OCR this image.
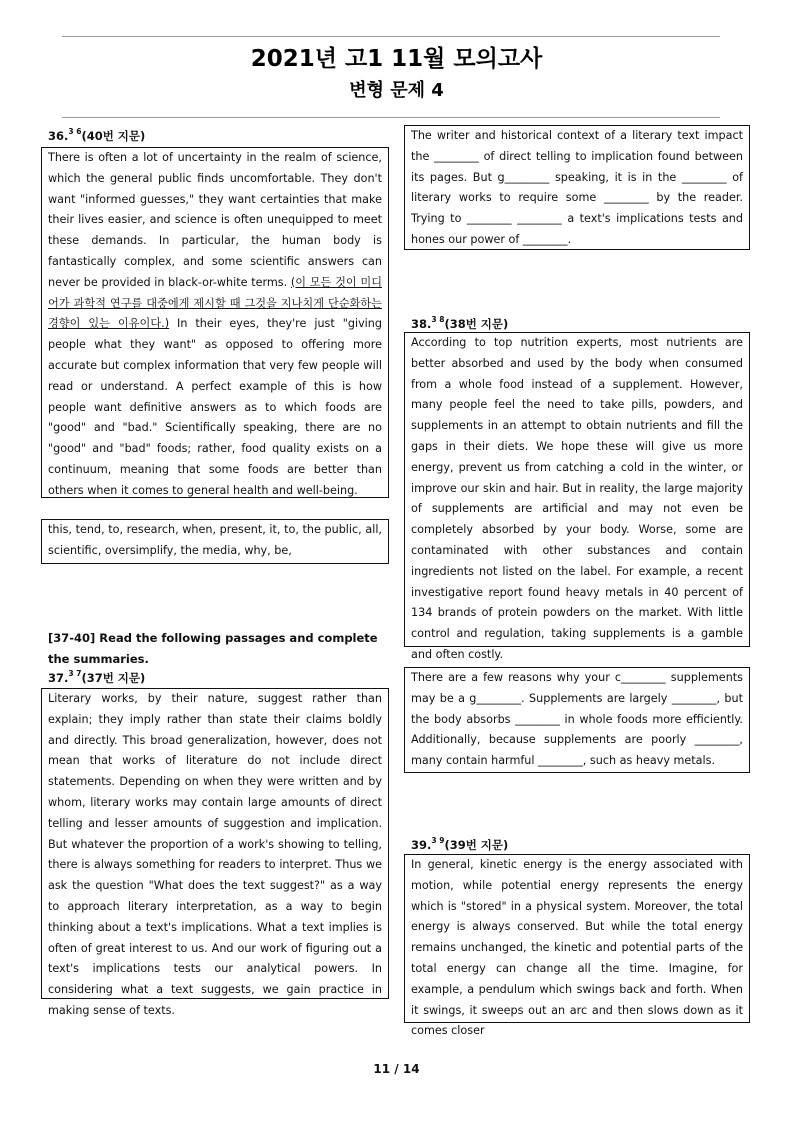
2021년 고1 11월 모의고사
변형 문제 4
36.$^{3 6}$(40번 지문)

There is often a lot of uncertainty in the realm of science, which the general public finds uncomfortable. They don't want "informed guesses," they want certainties that make their lives easier, and science is often unequipped to meet these demands. In particular, the human body is fantastically complex, and some scientific answers can never be provided in black-or-white terms. (이 모든 것이 미디어가 과학적 연구를 대중에게 제시할 때 그것을 지나치게 단순화하는 경향이 있는 이유이다.) In their eyes, they're just "giving people what they want" as opposed to offering more accurate but complex information that very few people will read or understand. A perfect example of this is how people want definitive answers as to which foods are "good" and "bad." Scientifically speaking, there are no "good" and "bad" foods; rather, food quality exists on a continuum, meaning that some foods are better than others when it comes to general health and well-being.

this, tend, to, research, when, present, it, to, the public, all, scientific, oversimplify, the media, why, be,

[37-40] Read the following passages and complete the summaries.
37.$^{3 7}$(37번 지문)

Literary works, by their nature, suggest rather than explain; they imply rather than state their claims boldly and directly. This broad generalization, however, does not mean that works of literature do not include direct statements. Depending on when they were written and by whom, literary works may contain large amounts of direct telling and lesser amounts of suggestion and implication. But whatever the proportion of a work's showing to telling, there is always something for readers to interpret. Thus we ask the question "What does the text suggest?" as a way to approach literary interpretation, as a way to begin thinking about a text's implications. What a text implies is often of great interest to us. And our work of figuring out a text's implications tests our analytical powers. In considering what a text suggests, we gain practice in making sense of texts.

The writer and historical context of a literary text impact the ________ of direct telling to implication found between its pages. But g________ speaking, it is in the ________ of literary works to require some ________ by the reader. Trying to ________ ________ a text's implications tests and hones our power of ________.

38.$^{3 8}$(38번 지문)

According to top nutrition experts, most nutrients are better absorbed and used by the body when consumed from a whole food instead of a supplement. However, many people feel the need to take pills, powders, and supplements in an attempt to obtain nutrients and fill the gaps in their diets. We hope these will give us more energy, prevent us from catching a cold in the winter, or improve our skin and hair. But in reality, the large majority of supplements are artificial and may not even be completely absorbed by your body. Worse, some are contaminated with other substances and contain ingredients not listed on the label. For example, a recent investigative report found heavy metals in 40 percent of 134 brands of protein powders on the market. With little control and regulation, taking supplements is a gamble and often costly.

There are a few reasons why your c________ supplements may be a g________. Supplements are largely ________, but the body absorbs ________ in whole foods more efficiently. Additionally, because supplements are poorly ________, many contain harmful ________, such as heavy metals.

39.$^{3 9}$(39번 지문)

In general, kinetic energy is the energy associated with motion, while potential energy represents the energy which is "stored" in a physical system. Moreover, the total energy is always conserved. But while the total energy remains unchanged, the kinetic and potential parts of the total energy can change all the time. Imagine, for example, a pendulum which swings back and forth. When it swings, it sweeps out an arc and then slows down as it comes closer

11 / 14
